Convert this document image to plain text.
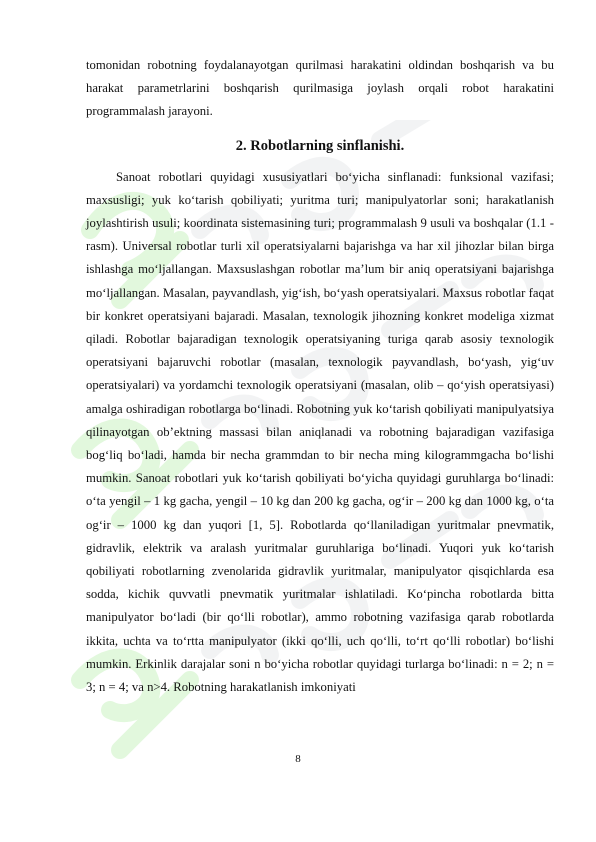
tomonidan robotning foydalanayotgan qurilmasi harakatini oldindan boshqarish va bu harakat parametrlarini boshqarish qurilmasiga joylash orqali robot harakatini programmalash jarayoni.

2. Robotlarning sinflanishi.

Sanoat robotlari quyidagi xususiyatlari bo‘yicha sinflanadi: funksional vazifasi; maxsusligi; yuk ko‘tarish qobiliyati; yuritma turi; manipulyatorlar soni; harakatlanish joylashtirish usuli; koordinata sistemasining turi; programmalash 9 usuli va boshqalar (1.1 - rasm). Universal robotlar turli xil operatsiyalarni bajarishga va har xil jihozlar bilan birga ishlashga mo‘ljallangan. Maxsuslashgan robotlar ma’lum bir aniq operatsiyani bajarishga mo‘ljallangan. Masalan, payvandlash, yig‘ish, bo‘yash operatsiyalari. Maxsus robotlar faqat bir konkret operatsiyani bajaradi. Masalan, texnologik jihozning konkret modeliga xizmat qiladi. Robotlar bajaradigan texnologik operatsiyaning turiga qarab asosiy texnologik operatsiyani bajaruvchi robotlar (masalan, texnologik payvandlash, bo‘yash, yig‘uv operatsiyalari) va yordamchi texnologik operatsiyani (masalan, olib – qo‘yish operatsiyasi) amalga oshiradigan robotlarga bo‘linadi. Robotning yuk ko‘tarish qobiliyati manipulyatsiya qilinayotgan ob’ektning massasi bilan aniqlanadi va robotning bajaradigan vazifasiga bog‘liq bo‘ladi, hamda bir necha grammdan to bir necha ming kilogrammgacha bo‘lishi mumkin. Sanoat robotlari yuk ko‘tarish qobiliyati bo‘yicha quyidagi guruhlarga bo‘linadi: o‘ta yengil – 1 kg gacha, yengil – 10 kg dan 200 kg gacha, og‘ir – 200 kg dan 1000 kg, o‘ta og‘ir – 1000 kg dan yuqori [1, 5]. Robotlarda qo‘llaniladigan yuritmalar pnevmatik, gidravlik, elektrik va aralash yuritmalar guruhlariga bo‘linadi. Yuqori yuk ko‘tarish qobiliyati robotlarning zvenolarida gidravlik yuritmalar, manipulyator qisqichlarda esa sodda, kichik quvvatli pnevmatik yuritmalar ishlatiladi. Ko‘pincha robotlarda bitta manipulyator bo‘ladi (bir qo‘lli robotlar), ammo robotning vazifasiga qarab robotlarda ikkita, uchta va to‘rtta manipulyator (ikki qo‘lli, uch qo‘lli, to‘rt qo‘lli robotlar) bo‘lishi mumkin. Erkinlik darajalar soni n bo‘yicha robotlar quyidagi turlarga bo‘linadi: n = 2; n = 3; n = 4; va n>4. Robotning harakatlanish imkoniyati

8
